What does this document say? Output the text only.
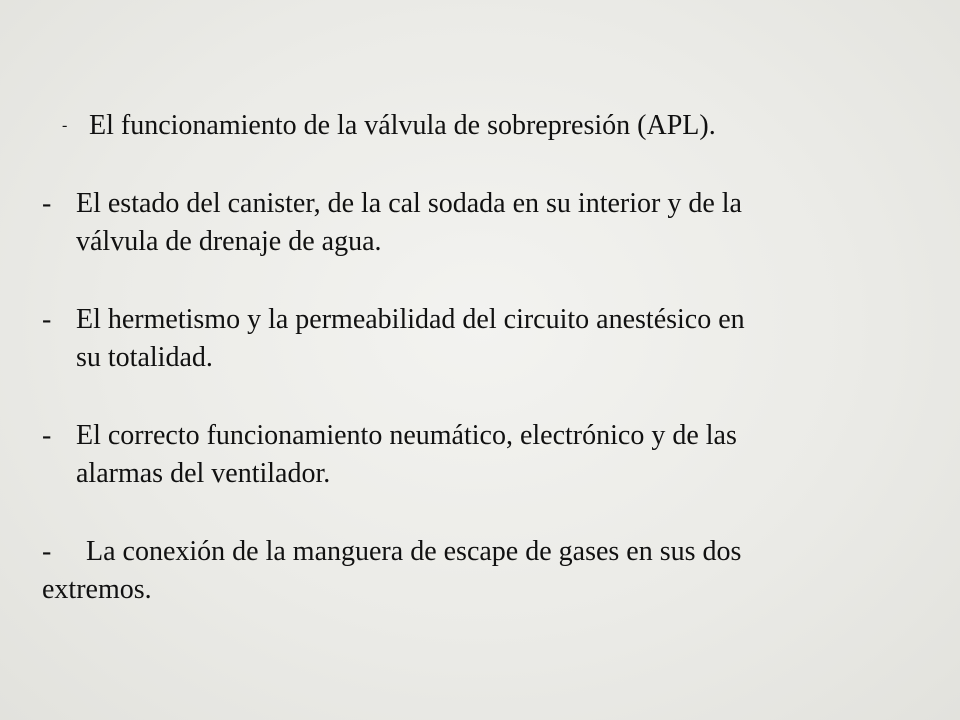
- El funcionamiento de la válvula de sobrepresión (APL).
- El estado del canister, de la cal sodada en su interior y de la
válvula de drenaje de agua.
- El hermetismo y la permeabilidad del circuito anestésico en
su totalidad.
- El correcto funcionamiento neumático, electrónico y de las
alarmas del ventilador.
- La conexión de la manguera de escape de gases en sus dos
extremos.
